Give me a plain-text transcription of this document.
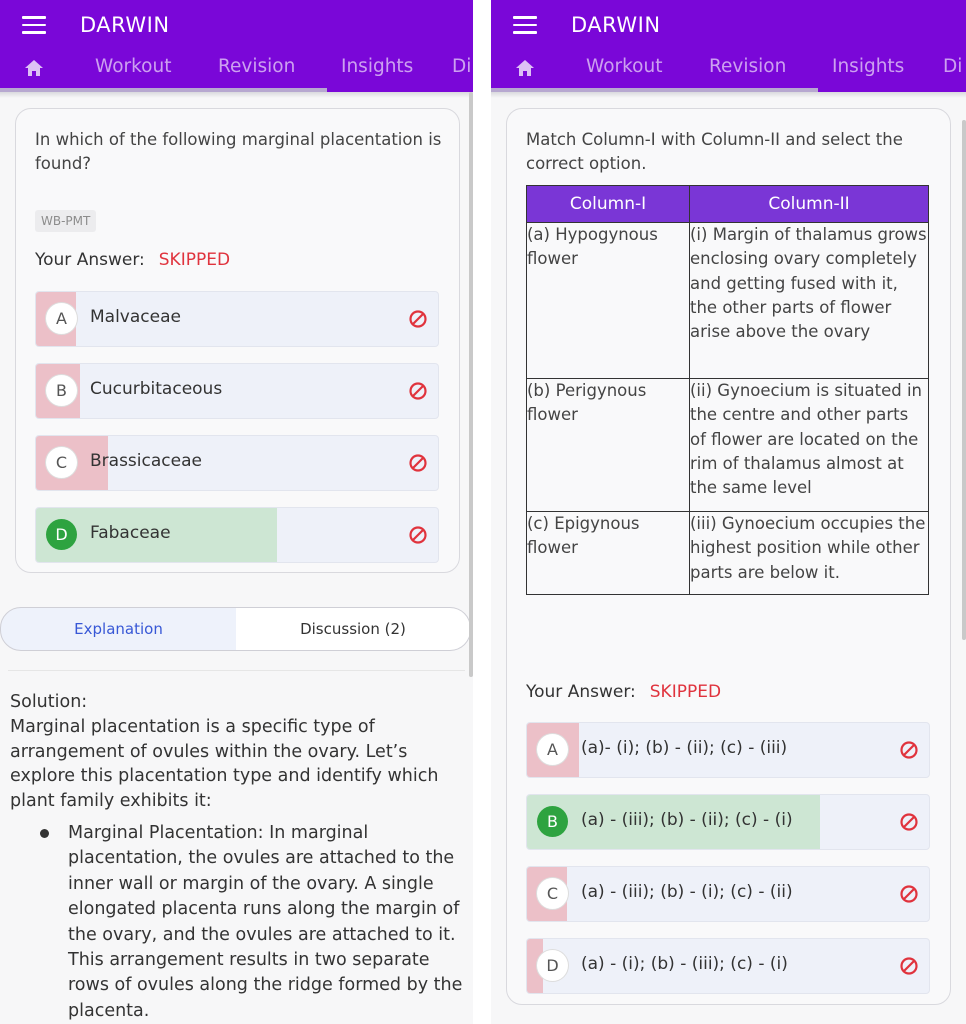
DARWIN
Workout	Revision Insights Di
In which of the following marginal placentation is found?
WB-PMT
Your Answer: SKIPPED
A	Malvaceae
B	Cucurbitaceous
C	Brassicaceae
D	Fabaceae
Explanation	Discussion (2)
Solution:
Marginal placentation is a specific type of arrangement of ovules within the ovary. Let’s explore this placentation type and identify which plant family exhibits it:
Marginal Placentation: In marginal placentation, the ovules are attached to the inner wall or margin of the ovary. A single elongated placenta runs along the margin of the ovary, and the ovules are attached to it. This arrangement results in two separate rows of ovules along the ridge formed by the placenta.
DARWIN
Workout	Revision Insights Di
Match Column-I with Column-II and select the correct option.
Your Answer: SKIPPED
A	(a)- (i); (b) - (ii); (c) - (iii)
B	(a) - (iii); (b) - (ii); (c) - (i)
C	(a) - (iii); (b) - (i); (c) - (ii)
D	(a) - (i); (b) - (iii); (c) - (i)
Column-I	Column-II
(a) Hypogynous flower	(i) Margin of thalamus grows enclosing ovary completely and getting fused with it, the other parts of flower arise above the ovary
(b) Perigynous flower	(ii) Gynoecium is situated in the centre and other parts of flower are located on the rim of thalamus almost at the same level
(c) Epigynous flower	(iii) Gynoecium occupies the highest position while other parts are below it.
